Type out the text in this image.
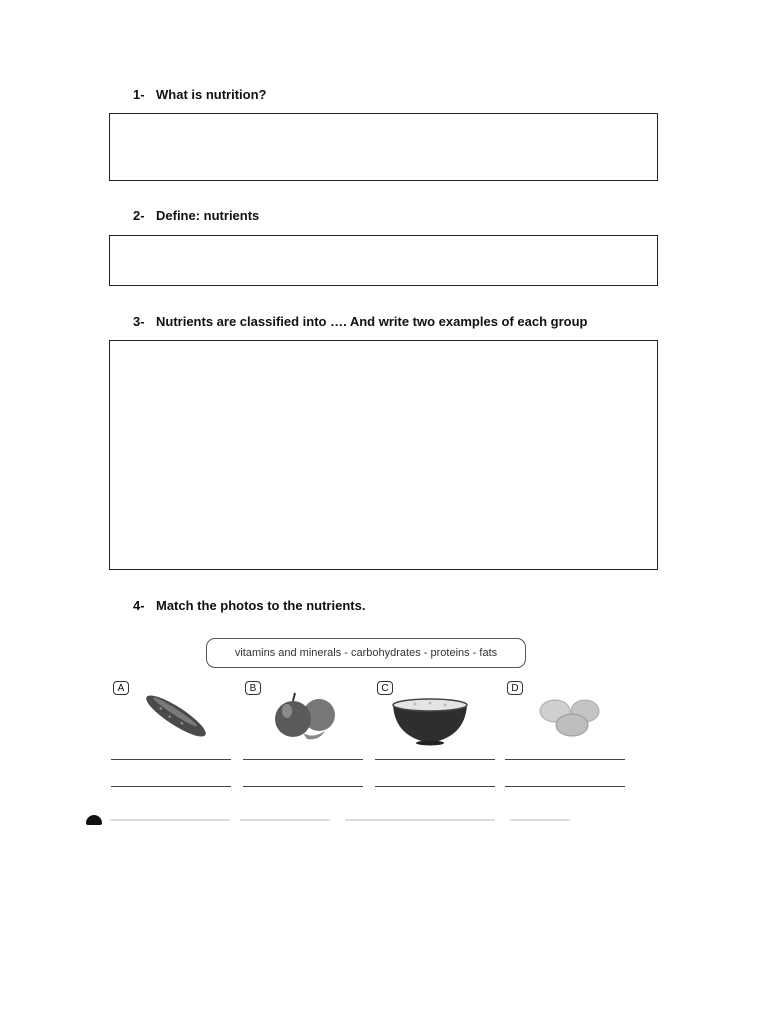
1- What is nutrition?
2- Define: nutrients
3- Nutrients are classified into …. And write two examples of each group
4- Match the photos to the nutrients.
vitamins and minerals - carbohydrates - proteins - fats
A	B	C	D
